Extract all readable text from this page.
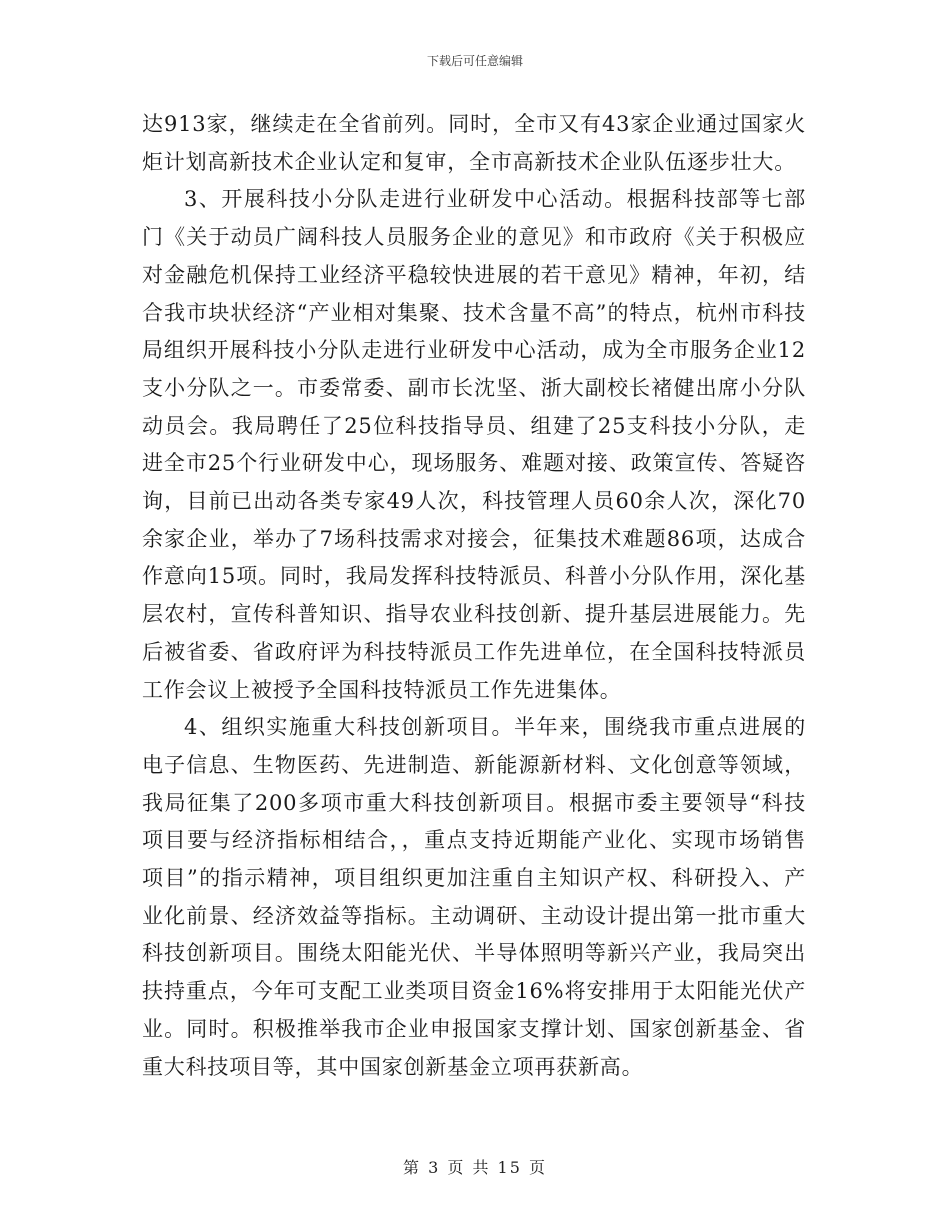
下载后可任意编辑

达913家，继续走在全省前列。同时，全市又有43家企业通过国家火炬计划高新技术企业认定和复审，全市高新技术企业队伍逐步壮大。

3、开展科技小分队走进行业研发中心活动。根据科技部等七部门《关于动员广阔科技人员服务企业的意见》和市政府《关于积极应对金融危机保持工业经济平稳较快进展的若干意见》精神，年初，结合我市块状经济“产业相对集聚、技术含量不高”的特点，杭州市科技局组织开展科技小分队走进行业研发中心活动，成为全市服务企业12支小分队之一。市委常委、副市长沈坚、浙大副校长褚健出席小分队动员会。我局聘任了25位科技指导员、组建了25支科技小分队，走进全市25个行业研发中心，现场服务、难题对接、政策宣传、答疑咨询，目前已出动各类专家49人次，科技管理人员60余人次，深化70余家企业，举办了7场科技需求对接会，征集技术难题86项，达成合作意向15项。同时，我局发挥科技特派员、科普小分队作用，深化基层农村，宣传科普知识、指导农业科技创新、提升基层进展能力。先后被省委、省政府评为科技特派员工作先进单位，在全国科技特派员工作会议上被授予全国科技特派员工作先进集体。

4、组织实施重大科技创新项目。半年来，围绕我市重点进展的电子信息、生物医药、先进制造、新能源新材料、文化创意等领域，我局征集了200多项市重大科技创新项目。根据市委主要领导“科技项目要与经济指标相结合，，重点支持近期能产业化、实现市场销售项目”的指示精神，项目组织更加注重自主知识产权、科研投入、产业化前景、经济效益等指标。主动调研、主动设计提出第一批市重大科技创新项目。围绕太阳能光伏、半导体照明等新兴产业，我局突出扶持重点，今年可支配工业类项目资金16%将安排用于太阳能光伏产业。同时。积极推举我市企业申报国家支撑计划、国家创新基金、省重大科技项目等，其中国家创新基金立项再获新高。

第 3 页 共 15 页
